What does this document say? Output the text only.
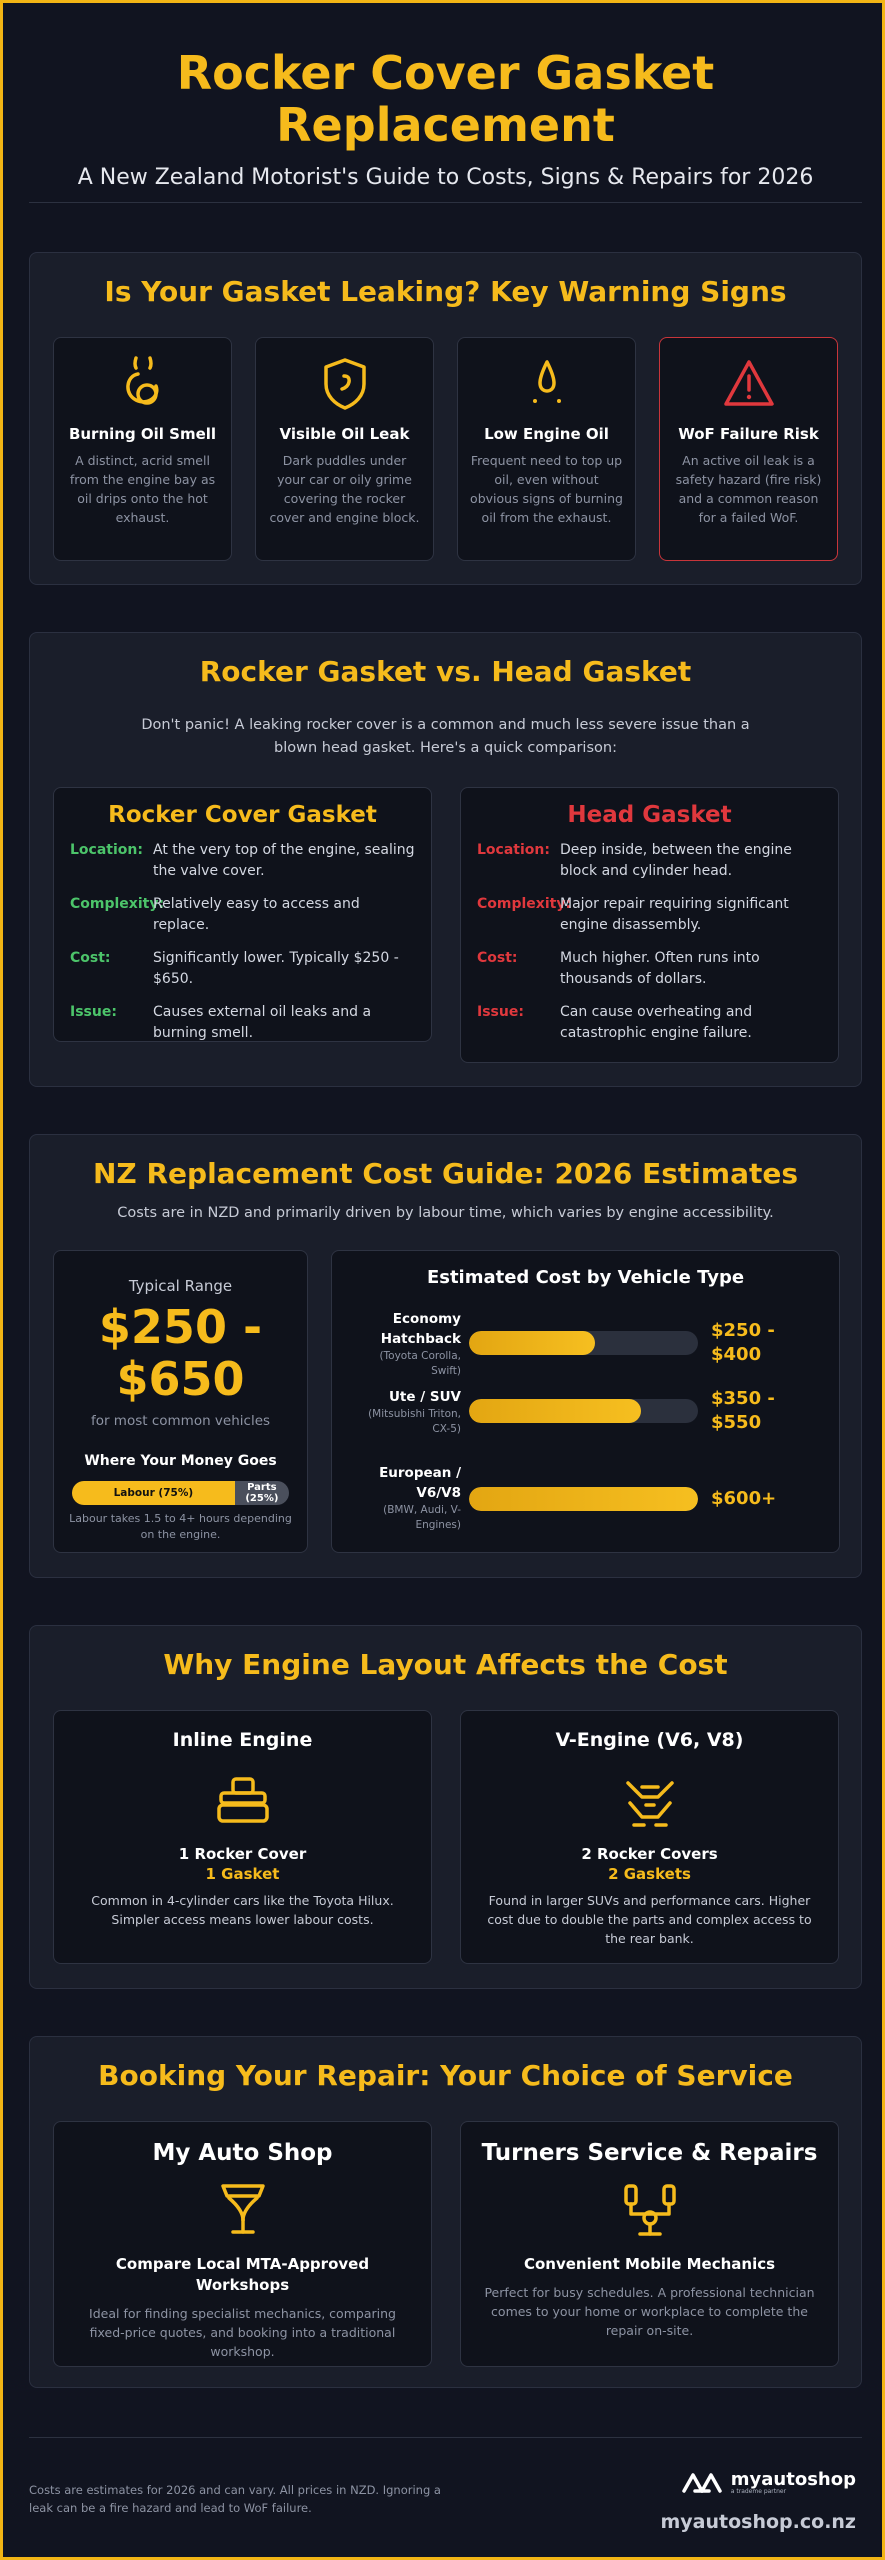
Rocker Cover Gasket Replacement
A New Zealand Motorist's Guide to Costs, Signs & Repairs for 2026
Is Your Gasket Leaking? Key Warning Signs
Burning Oil Smell

A distinct, acrid smell from the engine bay as oil drips onto the hot exhaust.

Visible Oil Leak

Dark puddles under your car or oily grime covering the rocker cover and engine block.

Low Engine Oil

Frequent need to top up oil, even without obvious signs of burning oil from the exhaust.

WoF Failure Risk

An active oil leak is a safety hazard (fire risk) and a common reason for a failed WoF.

Rocker Gasket vs. Head Gasket
Don't panic! A leaking rocker cover is a common and much less severe issue than a blown head gasket. Here's a quick comparison:
Rocker Cover Gasket
Location: At the very top of the engine, sealing the valve cover.
Complexity:
Relatively easy to access and replace.
Cost:	Significantly lower. Typically $250 - $650.
Issue:	Causes external oil leaks and a burning smell.
Head Gasket
Location: Deep inside, between the engine block and cylinder head.
Complexity:
Major repair requiring significant engine disassembly.
Cost:	Much higher. Often runs into thousands of dollars.
Issue:	Can cause overheating and catastrophic engine failure.
NZ Replacement Cost Guide: 2026 Estimates
Costs are in NZD and primarily driven by labour time, which varies by engine accessibility.
Typical Range
$250 - $650
for most common vehicles
Where Your Money Goes
Labour (75%)	Parts (25%)
Labour takes 1.5 to 4+ hours depending on the engine.
Estimated Cost by Vehicle Type
Economy Hatchback
(Toyota Corolla, Swift)
$250 - $400
Ute / SUV
(Mitsubishi Triton, CX-5)
$350 - $550
European / V6/V8
(BMW, Audi, V-Engines)
$600+
Why Engine Layout Affects the Cost
Inline Engine
1 Rocker Cover
1 Gasket

Common in 4-cylinder cars like the Toyota Hilux. Simpler access means lower labour costs.

V-Engine (V6, V8)
2 Rocker Covers
2 Gaskets

Found in larger SUVs and performance cars. Higher cost due to double the parts and complex access to the rear bank.

Booking Your Repair: Your Choice of Service
My Auto Shop
Compare Local MTA-Approved Workshops

Ideal for finding specialist mechanics, comparing fixed-price quotes, and booking into a traditional workshop.

Turners Service & Repairs
Convenient Mobile Mechanics

Perfect for busy schedules. A professional technician comes to your home or workplace to complete the repair on-site.

Costs are estimates for 2026 and can vary. All prices in NZD. Ignoring a leak can be a fire hazard and lead to WoF failure.
myautoshop
a trademe partner
myautoshop.co.nz
